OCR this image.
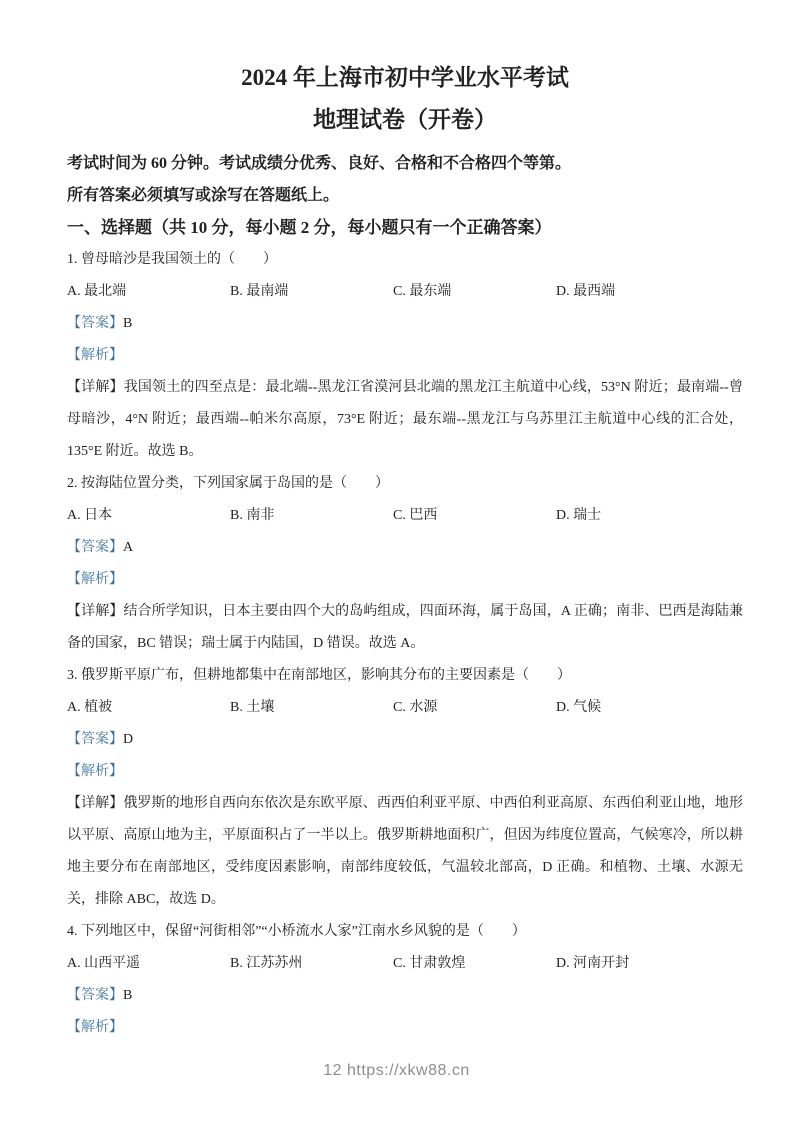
2024 年上海市初中学业水平考试

地理试卷（开卷）

考试时间为 60 分钟。考试成绩分优秀、良好、合格和不合格四个等第。

所有答案必须填写或涂写在答题纸上。

一、选择题（共 10 分，每小题 2 分，每小题只有一个正确答案）

1. 曾母暗沙是我国领土的（　　）

A. 最北端	B. 最南端	C. 最东端	D. 最西端

【答案】B

【解析】

【详解】我国领土的四至点是：最北端--黑龙江省漠河县北端的黑龙江主航道中心线，53°N 附近；最南端--曾母暗沙，4°N 附近；最西端--帕米尔高原，73°E 附近；最东端--黑龙江与乌苏里江主航道中心线的汇合处，135°E 附近。故选 B。

2. 按海陆位置分类，下列国家属于岛国的是（　　）

A. 日本	B. 南非	C. 巴西	D. 瑞士

【答案】A

【解析】

【详解】结合所学知识，日本主要由四个大的岛屿组成，四面环海，属于岛国，A 正确；南非、巴西是海陆兼备的国家，BC 错误；瑞士属于内陆国，D 错误。故选 A。

3. 俄罗斯平原广布，但耕地都集中在南部地区，影响其分布的主要因素是（　　）

A. 植被	B. 土壤	C. 水源	D. 气候

【答案】D

【解析】

【详解】俄罗斯的地形自西向东依次是东欧平原、西西伯利亚平原、中西伯利亚高原、东西伯利亚山地，地形以平原、高原山地为主，平原面积占了一半以上。俄罗斯耕地面积广，但因为纬度位置高，气候寒冷，所以耕地主要分布在南部地区，受纬度因素影响，南部纬度较低，气温较北部高，D 正确。和植物、土壤、水源无关，排除 ABC，故选 D。

4. 下列地区中，保留“河街相邻”“小桥流水人家”江南水乡风貌的是（　　）

A. 山西平遥	B. 江苏苏州	C. 甘肃敦煌	D. 河南开封

【答案】B

【解析】

12 https://xkw88.cn
